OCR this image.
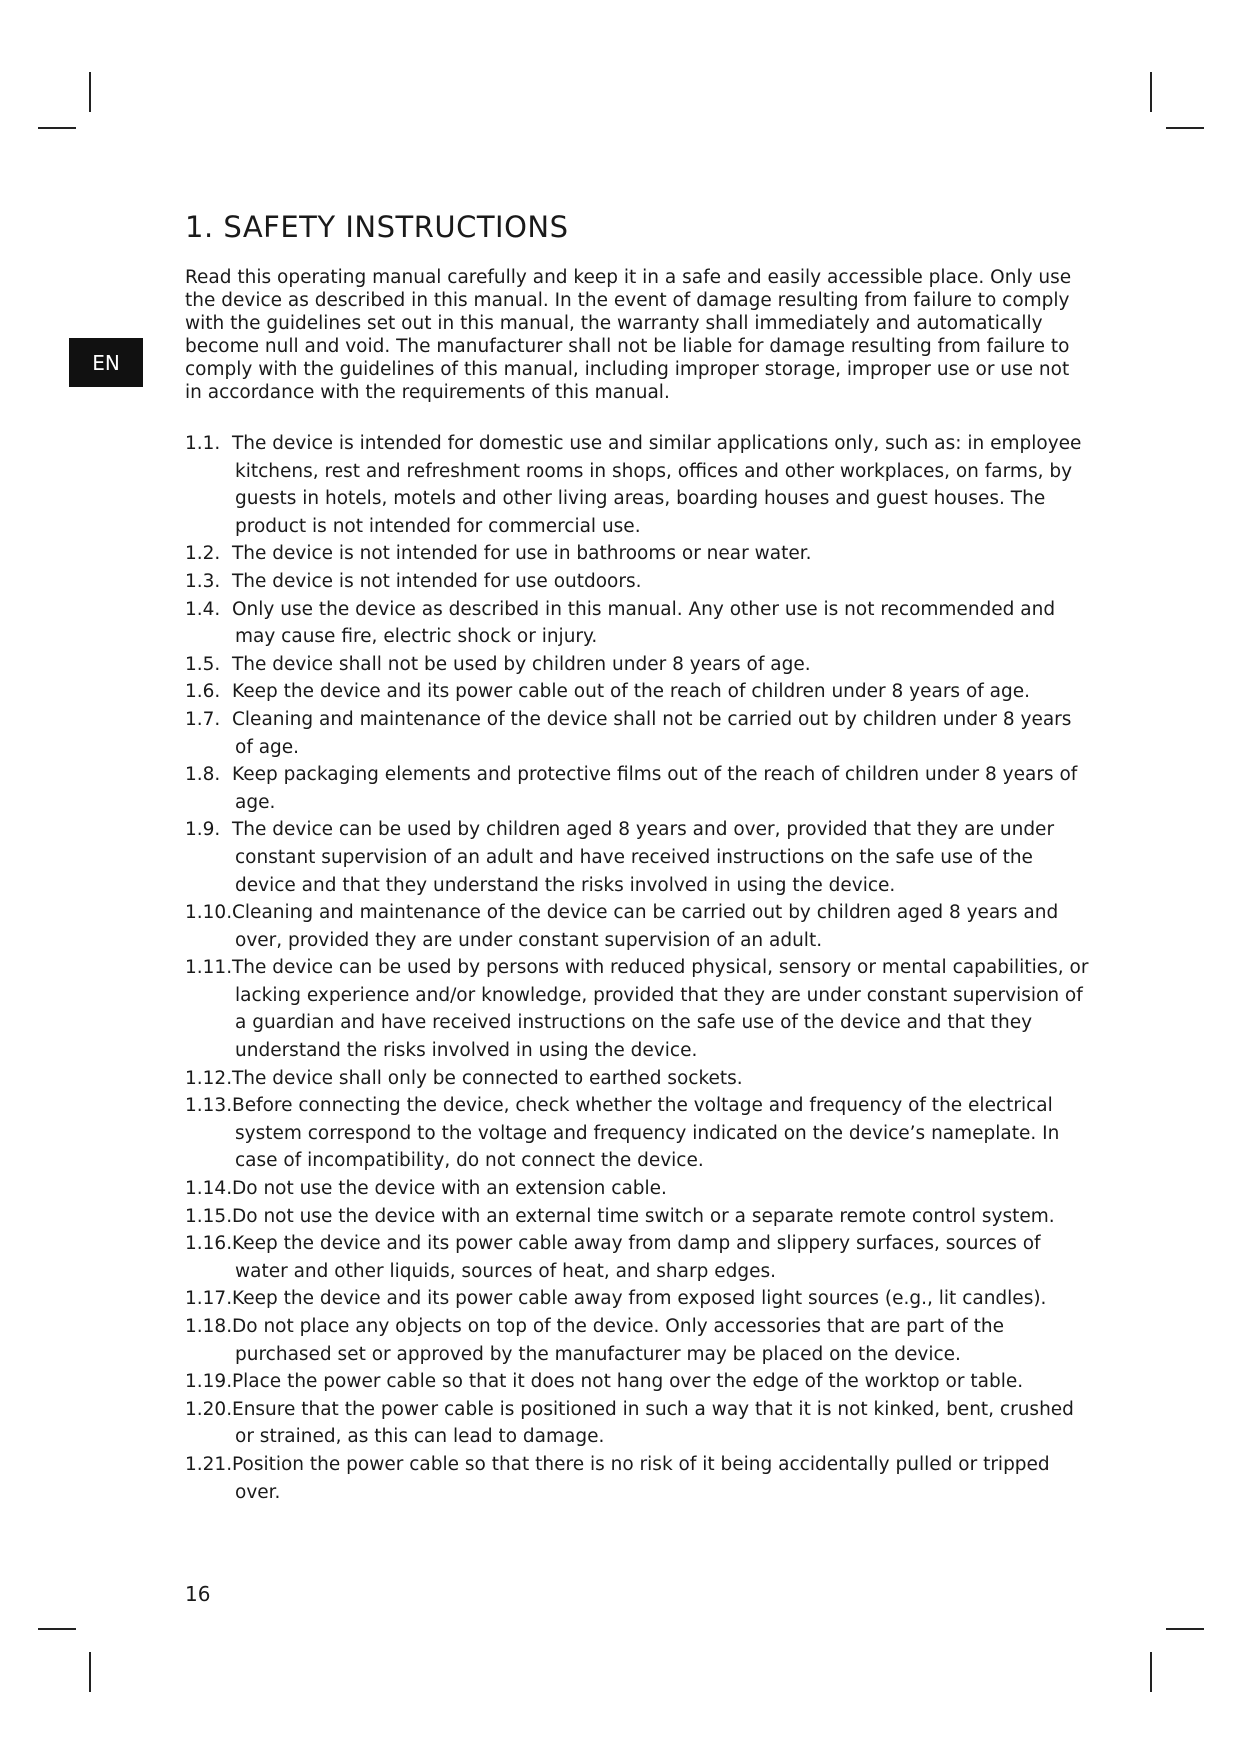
EN
1. SAFETY INSTRUCTIONS

Read this operating manual carefully and keep it in a safe and easily accessible place. Only use the device as described in this manual. In the event of damage resulting from failure to comply with the guidelines set out in this manual, the warranty shall immediately and automatically become null and void. The manufacturer shall not be liable for damage resulting from failure to comply with the guidelines of this manual, including improper storage, improper use or use not in accordance with the requirements of this manual.

1.1. The device is intended for domestic use and similar applications only, such as: in employee kitchens, rest and refreshment rooms in shops, offices and other workplaces, on farms, by guests in hotels, motels and other living areas, boarding houses and guest houses. The product is not intended for commercial use.
1.2. The device is not intended for use in bathrooms or near water.
1.3. The device is not intended for use outdoors.
1.4. Only use the device as described in this manual. Any other use is not recommended and may cause fire, electric shock or injury.
1.5. The device shall not be used by children under 8 years of age.
1.6. Keep the device and its power cable out of the reach of children under 8 years of age.
1.7. Cleaning and maintenance of the device shall not be carried out by children under 8 years of age.
1.8. Keep packaging elements and protective films out of the reach of children under 8 years of age.
1.9. The device can be used by children aged 8 years and over, provided that they are under constant supervision of an adult and have received instructions on the safe use of the device and that they understand the risks involved in using the device.
1.10.Cleaning and maintenance of the device can be carried out by children aged 8 years and over, provided they are under constant supervision of an adult.
1.11.The device can be used by persons with reduced physical, sensory or mental capabilities, or lacking experience and/or knowledge, provided that they are under constant supervision of a guardian and have received instructions on the safe use of the device and that they understand the risks involved in using the device.
1.12.The device shall only be connected to earthed sockets.
1.13.Before connecting the device, check whether the voltage and frequency of the electrical system correspond to the voltage and frequency indicated on the device’s nameplate. In case of incompatibility, do not connect the device.
1.14.Do not use the device with an extension cable.
1.15.Do not use the device with an external time switch or a separate remote control system.
1.16.Keep the device and its power cable away from damp and slippery surfaces, sources of water and other liquids, sources of heat, and sharp edges.
1.17.Keep the device and its power cable away from exposed light sources (e.g., lit candles).
1.18.Do not place any objects on top of the device. Only accessories that are part of the purchased set or approved by the manufacturer may be placed on the device.
1.19.Place the power cable so that it does not hang over the edge of the worktop or table.
1.20.Ensure that the power cable is positioned in such a way that it is not kinked, bent, crushed or strained, as this can lead to damage.
1.21.Position the power cable so that there is no risk of it being accidentally pulled or tripped over.
16
